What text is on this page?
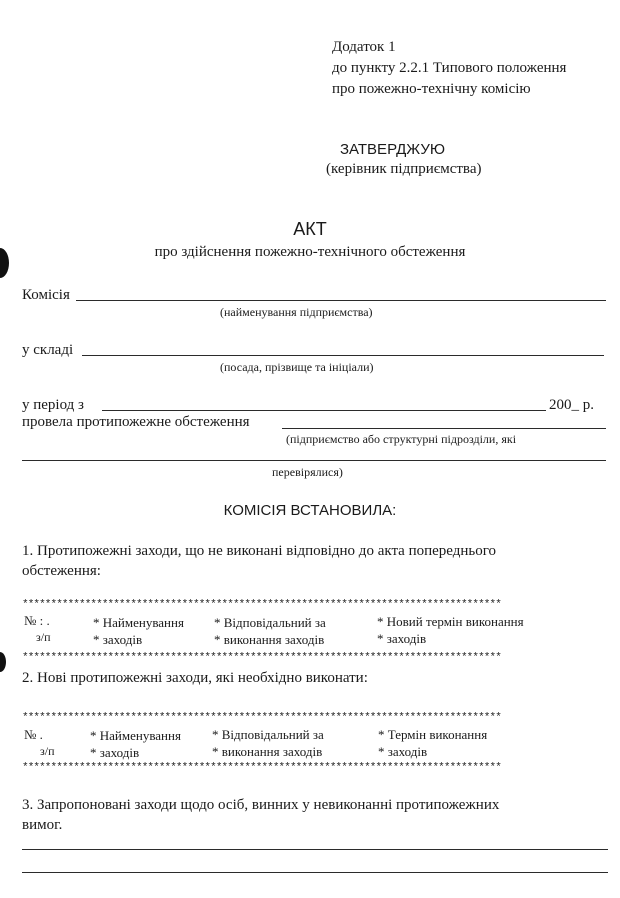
Додаток 1
до пункту 2.2.1 Типового положення
про пожежно-технічну комісію
ЗАТВЕРДЖУЮ
(керівник підприємства)
АКТ
про здійснення пожежно-технічного обстеження
Комісія
(найменування підприємства)
у складі
(посада, прізвище та ініціали)
у період з	200_ р.
провела протипожежне обстеження
(підприємство або структурні підрозділи, які
перевірялися)
КОМІСІЯ ВСТАНОВИЛА:
1. Протипожежні заходи, що не виконані відповідно до акта попереднього
обстеження:
************************************************************************************
№ : .
з/п
* Найменування
* заходів
* Відповідальний за
* виконання заходів
* Новий термін виконання
* заходів
************************************************************************************
2. Нові протипожежні заходи, які необхідно виконати:
************************************************************************************
№ .
з/п
* Найменування
* заходів
* Відповідальний за
* виконання заходів
* Термін виконання
* заходів
************************************************************************************
3. Запропоновані заходи щодо осіб, винних у невиконанні протипожежних
вимог.
